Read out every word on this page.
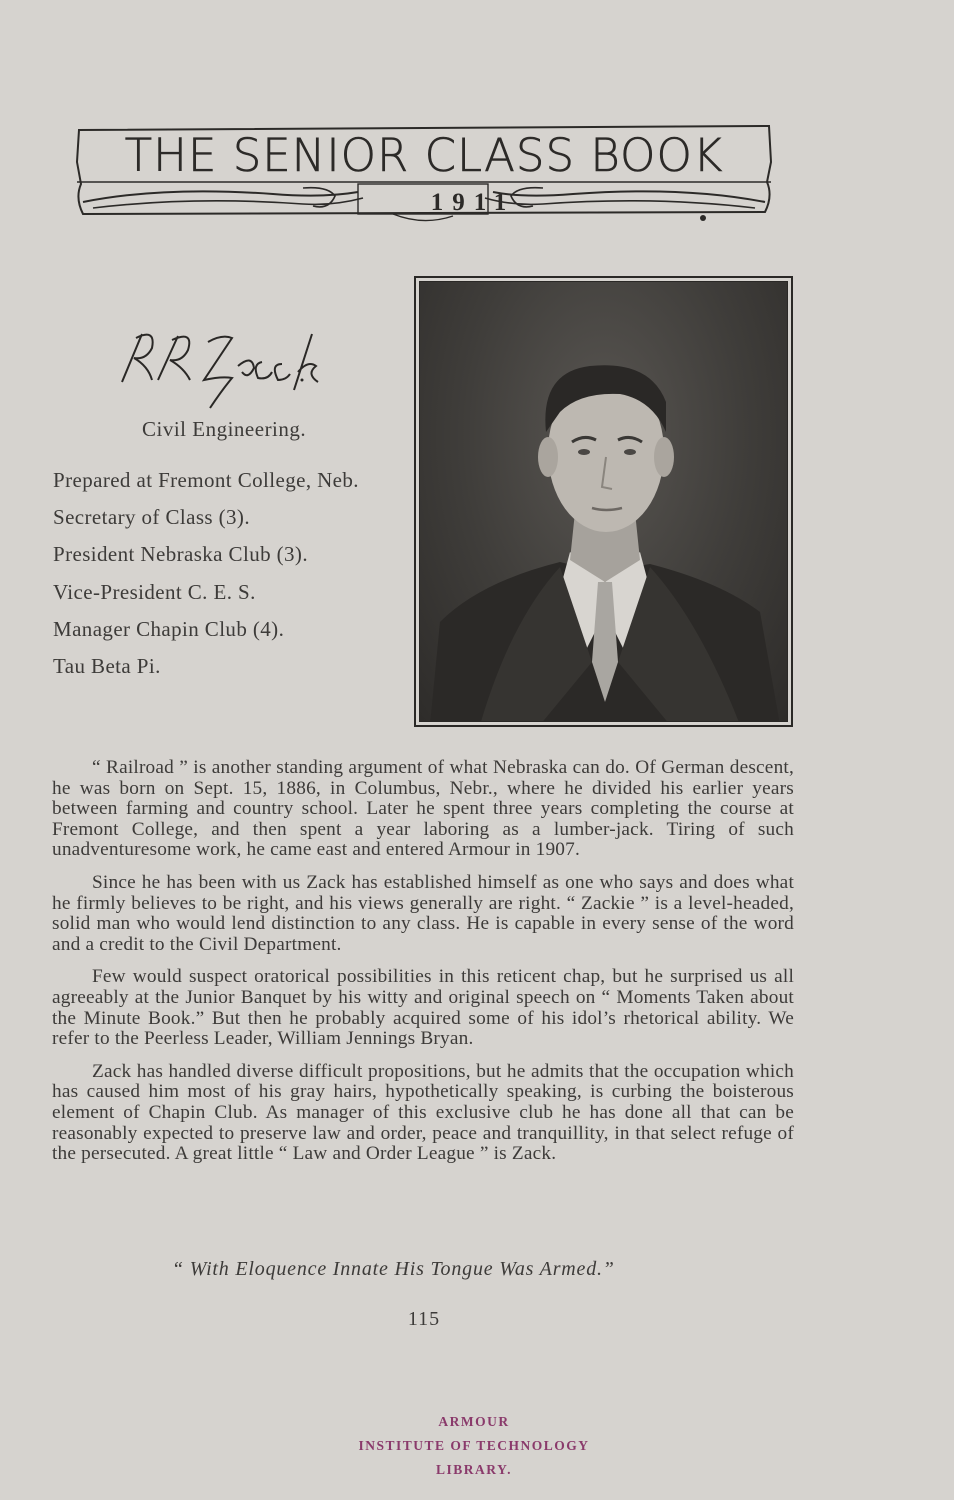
THE SENIOR CLASS BOOK
1911
Civil Engineering.
Prepared at Fremont College, Neb.
Secretary of Class (3).
President Nebraska Club (3).
Vice-President C. E. S.
Manager Chapin Club (4).
Tau Beta Pi.

“ Railroad ” is another standing argument of what Nebraska can do. Of German descent, he was born on Sept. 15, 1886, in Columbus, Nebr., where he divided his earlier years between farming and country school. Later he spent three years completing the course at Fremont College, and then spent a year laboring as a lumber-jack. Tiring of such unadventuresome work, he came east and entered Armour in 1907.

Since he has been with us Zack has established himself as one who says and does what he firmly believes to be right, and his views generally are right. “ Zackie ” is a level-headed, solid man who would lend distinction to any class. He is capable in every sense of the word and a credit to the Civil Department.

Few would suspect oratorical possibilities in this reticent chap, but he surprised us all agreeably at the Junior Banquet by his witty and original speech on “ Moments Taken about the Minute Book.” But then he probably acquired some of his idol’s rhetorical ability. We refer to the Peerless Leader, William Jennings Bryan.

Zack has handled diverse difficult propositions, but he admits that the occupation which has caused him most of his gray hairs, hypothetically speaking, is curbing the boisterous element of Chapin Club. As manager of this exclusive club he has done all that can be reasonably expected to preserve law and order, peace and tranquillity, in that select refuge of the persecuted. A great little “ Law and Order League ” is Zack.

“ With Eloquence Innate His Tongue Was Armed.”
115
ARMOUR
INSTITUTE OF TECHNOLOGY
LIBRARY.
